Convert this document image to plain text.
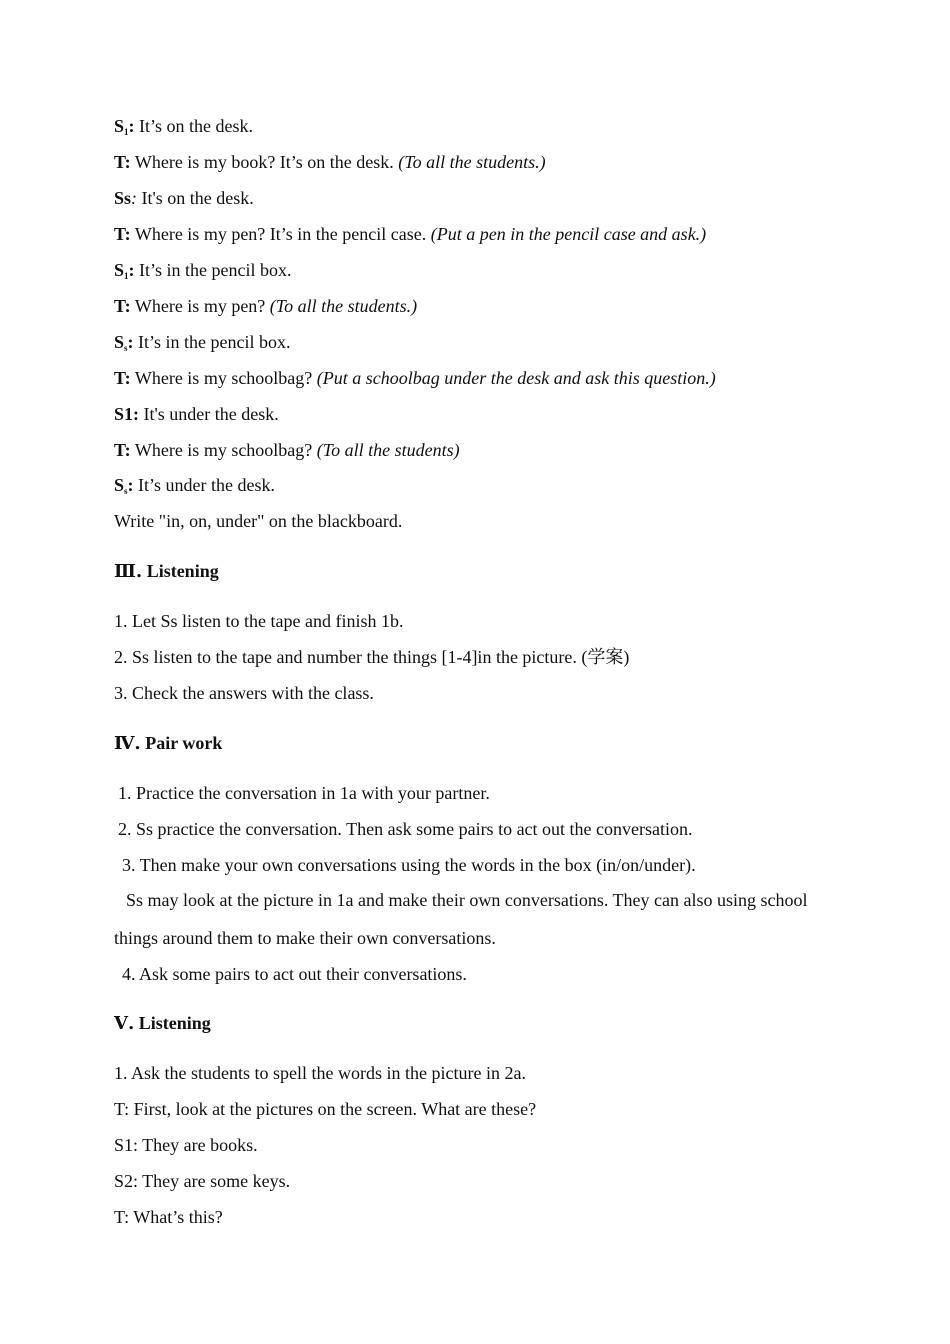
S1: It’s on the desk.
T: Where is my book? It’s on the desk. (To all the students.)
Ss: It's on the desk.
T: Where is my pen? It’s in the pencil case. (Put a pen in the pencil case and ask.)
S1: It’s in the pencil box.
T: Where is my pen? (To all the students.)
Ss: It’s in the pencil box.
T: Where is my schoolbag? (Put a schoolbag under the desk and ask this question.)
S1: It's under the desk.
T: Where is my schoolbag? (To all the students)
Ss: It’s under the desk.
Write "in, on, under" on the blackboard.
Ⅲ. Listening
1. Let Ss listen to the tape and finish 1b.
2. Ss listen to the tape and number the things [1-4]in the picture. (学案)
3. Check the answers with the class.
Ⅳ. Pair work
1. Practice the conversation in 1a with your partner.
2. Ss practice the conversation. Then ask some pairs to act out the conversation.
3. Then make your own conversations using the words in the box (in/on/under).
Ss may look at the picture in 1a and make their own conversations. They can also using school
things around them to make their own conversations.
4. Ask some pairs to act out their conversations.
Ⅴ. Listening
1. Ask the students to spell the words in the picture in 2a.
T: First, look at the pictures on the screen. What are these?
S1: They are books.
S2: They are some keys.
T: What’s this?
